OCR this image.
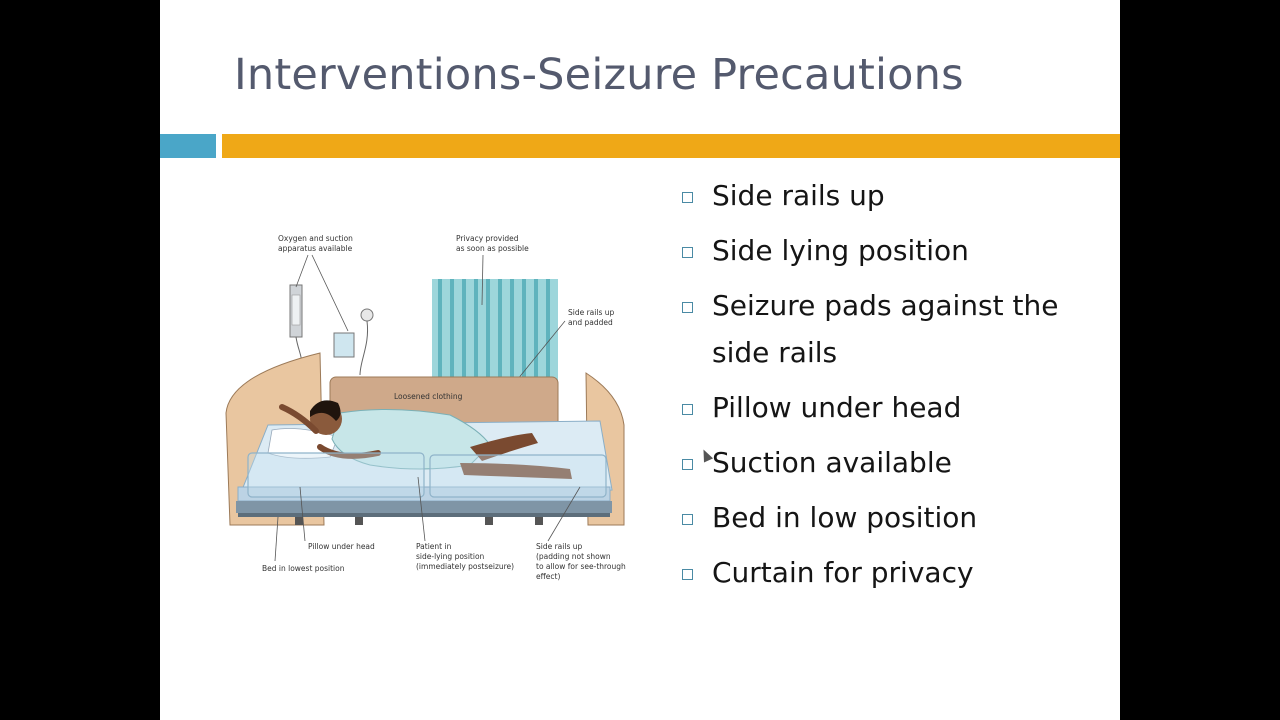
Interventions-Seizure Precautions
Oxygen and suction
apparatus available
Privacy provided
as soon as possible
Side rails up
and padded
Loosened clothing
Pillow under head	Patient in
side-lying position
(immediately postseizure)
Side rails up
(padding not shown
to allow for see-through
effect)
Bed in lowest position
Side rails up
Side lying position
Seizure pads against the side rails
Pillow under head
Suction available
Bed in low position
Curtain for privacy
